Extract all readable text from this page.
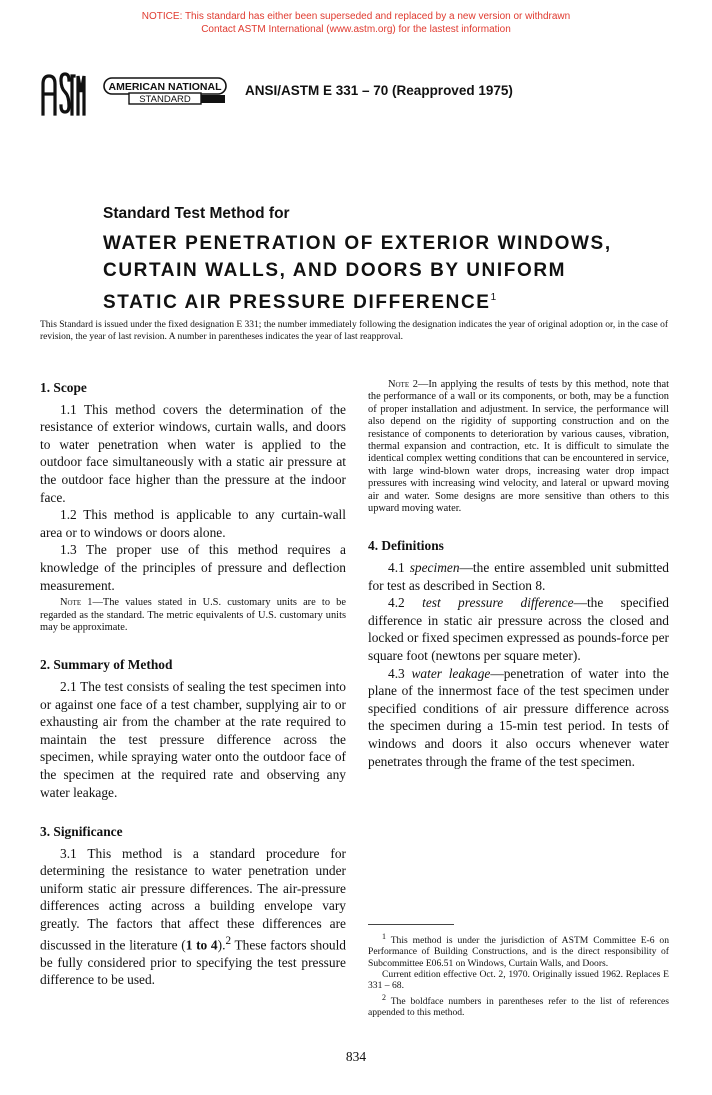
NOTICE: This standard has either been superseded and replaced by a new version or withdrawn
Contact ASTM International (www.astm.org) for the lastest information
AMERICAN NATIONAL
STANDARD
ANSI/ASTM E 331 – 70 (Reapproved 1975)
Standard Test Method for
WATER PENETRATION OF EXTERIOR WINDOWS,
CURTAIN WALLS, AND DOORS BY UNIFORM
STATIC AIR PRESSURE DIFFERENCE$^1$
This Standard is issued under the fixed designation E 331; the number immediately following the designation indicates the year of original adoption or, in the case of revision, the year of last revision. A number in parentheses indicates the year of last reapproval.
1. Scope

1.1 This method covers the determination of the resistance of exterior windows, curtain walls, and doors to water penetration when water is applied to the outdoor face simultaneously with a static air pressure at the outdoor face higher than the pressure at the indoor face.

1.2 This method is applicable to any curtain-wall area or to windows or doors alone.

1.3 The proper use of this method requires a knowledge of the principles of pressure and deflection measurement.

Note 1—The values stated in U.S. customary units are to be regarded as the standard. The metric equivalents of U.S. customary units may be approximate.

2. Summary of Method

2.1 The test consists of sealing the test specimen into or against one face of a test chamber, supplying air to or exhausting air from the chamber at the rate required to maintain the test pressure difference across the specimen, while spraying water onto the outdoor face of the specimen at the required rate and observing any water leakage.

3. Significance

3.1 This method is a standard procedure for determining the resistance to water penetration under uniform static air pressure differences. The air-pressure differences acting across a building envelope vary greatly. The factors that affect these differences are discussed in the literature (1 to 4).$^2$ These factors should be fully considered prior to specifying the test pressure difference to be used.

Note 2—In applying the results of tests by this method, note that the performance of a wall or its components, or both, may be a function of proper installation and adjustment. In service, the performance will also depend on the rigidity of supporting construction and on the resistance of components to deterioration by various causes, vibration, thermal expansion and contraction, etc. It is difficult to simulate the identical complex wetting conditions that can be encountered in service, with large wind-blown water drops, increasing water drop impact pressures with increasing wind velocity, and lateral or upward moving air and water. Some designs are more sensitive than others to this upward moving water.

4. Definitions

4.1 specimen—the entire assembled unit submitted for test as described in Section 8.

4.2 test pressure difference—the specified difference in static air pressure across the closed and locked or fixed specimen expressed as pounds-force per square foot (newtons per square meter).

4.3 water leakage—penetration of water into the plane of the innermost face of the test specimen under specified conditions of air pressure difference across the specimen during a 15-min test period. In tests of windows and doors it also occurs whenever water penetrates through the frame of the test specimen.

$^1$ This method is under the jurisdiction of ASTM Committee E-6 on Performance of Building Constructions, and is the direct responsibility of Subcommittee E06.51 on Windows, Curtain Walls, and Doors.

Current edition effective Oct. 2, 1970. Originally issued 1962. Replaces E 331 – 68.

$^2$ The boldface numbers in parentheses refer to the list of references appended to this method.

834
